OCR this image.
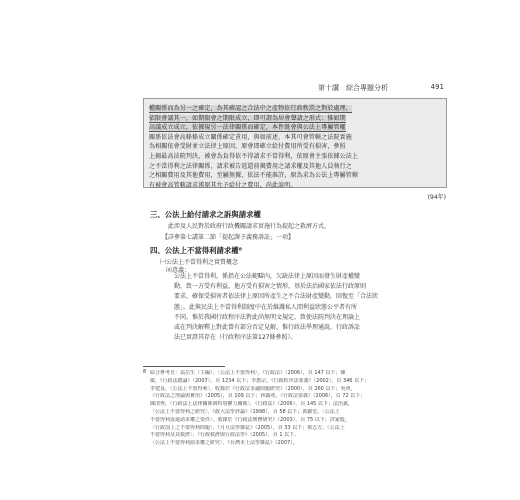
第十講　綜合專題分析	491
權關係而為另一之確定，為其確認之合法中之產物依行政秩罰之對於處理，
依限會議其一，如期限會之期限成立，即可謂為居會聲請之形式：惟如期
高議成立成立，依據規另一法律關係而確定，本件既會與公法上專屬管權
關係依法會高條條成立關係確定責用，與如前述，本其可會管轄之法院實施
為相關依會受財並立法律上原因，原會即確立給付費用所受有損害，參照
上揭最高法院判決，被會為負得依不得請求不當得利，依原會主張依據公法上
之不當得利之法律關係，請求被告返還前揭費用之請求權及其他人員執行之
之相關費用及其他費用，至屬無據，依法不能准許，原為求為公法上專屬管轄
有被會高管轄請求漢原其允予給付之費用，尚此說明。
(94年)
三、公法上給付請求之訴與請求權
此涉及人民對於政府行政機關請求實施行為提起之救濟方式，
【詳參第七講第二節「提起課予義務訴訟」一項】
四、公法上不當得利請求權⁸
㈠公法上不當得利之實質概念
⒜意義：
公法上不當得利，係指在公法範疇內，欠缺法律上原因而發生財產權變
動，致一方受有利益，他方受有損害之情形，基於法治國家依法行政原則
要求，確保受損害者依法律上原因所產生之不合法財產變動，回復至「合法狀
態」。此與民法上不當得利制度中在於維護私人間利益狀態公平者有所
不同。惟於我國行政程序法對此尚無明文規定，致使法院判決在理論上
或在判決解釋上對此曾有部分否定見解，惟行政法學理通說，行政訴訟
法已實證其存在（行政程序法第127條參照）。
8 綜合參考自：翁岳生（主編），〈公法上不當得利〉，《行政法》（2006），頁 147 以下；陳
敏，《行政法總論》（2007），頁 1234 以下；李惠宗，《行政程序法要義》（2002），頁 346 以下；
李建良，〈公法上不當得利〉，收錄於《行政法爭議問題研究》（2000），頁 260 以下；吳庚，
《行政法之理論與實用》（2005），頁 109 以下；林錫堯，《行政法要義》（2006），頁 72 以下；
陳清秀，〈行政法上法律關係與特別權力關係〉，《行政法》（2006），頁 145 以下；法治斌，
〈公法上不當得利之研究〉，《政大法學評論》（1998），頁 58 以下；黃錦堂，〈公法上
不當得利返還請求權之要件〉，收錄於《行政法實務研究》（2003），頁 75 以下；洪家殷，
〈行政罰上之不當得利問題〉，《月旦法學雜誌》（2005），頁 33 以下；蔡志方，〈公法上
不當得利及其救濟〉，《行政救濟與行政法學》（2005），頁 1 以下。
〈公法上不當得利請求權之研究〉，《台灣本土法學雜誌》（2007）。
